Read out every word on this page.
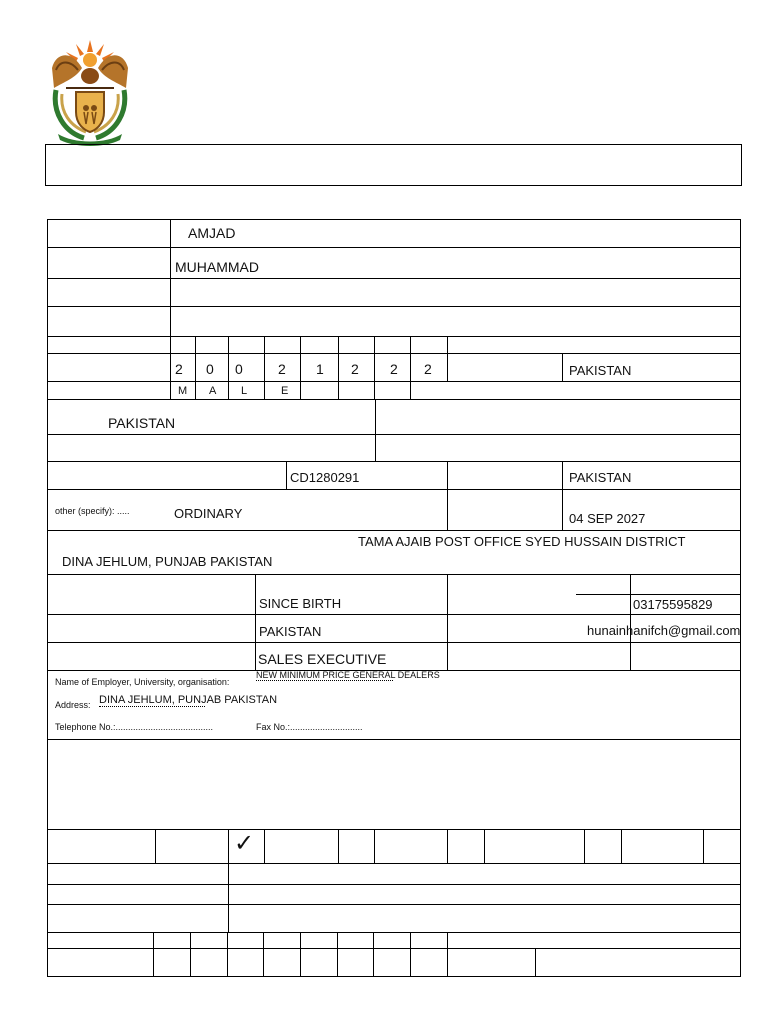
AMJAD
MUHAMMAD
2 0 0	2 1 2 2 2	PAKISTAN
M A L	E
PAKISTAN
CD1280291	PAKISTAN
other (specify): .....	ORDINARY	04 SEP 2027
TAMA AJAIB POST OFFICE SYED HUSSAIN DISTRICT
DINA JEHLUM, PUNJAB PAKISTAN
SINCE BIRTH	03175595829
PAKISTAN	hunainhanifch@gmail.com
SALES EXECUTIVE
Name of Employer, University, organisation:
NEW MINIMUM PRICE GENERAL DEALERS
Address: DINA JEHLUM, PUNJAB PAKISTAN
Telephone No.:.......................................	Fax No.:.............................
✓
